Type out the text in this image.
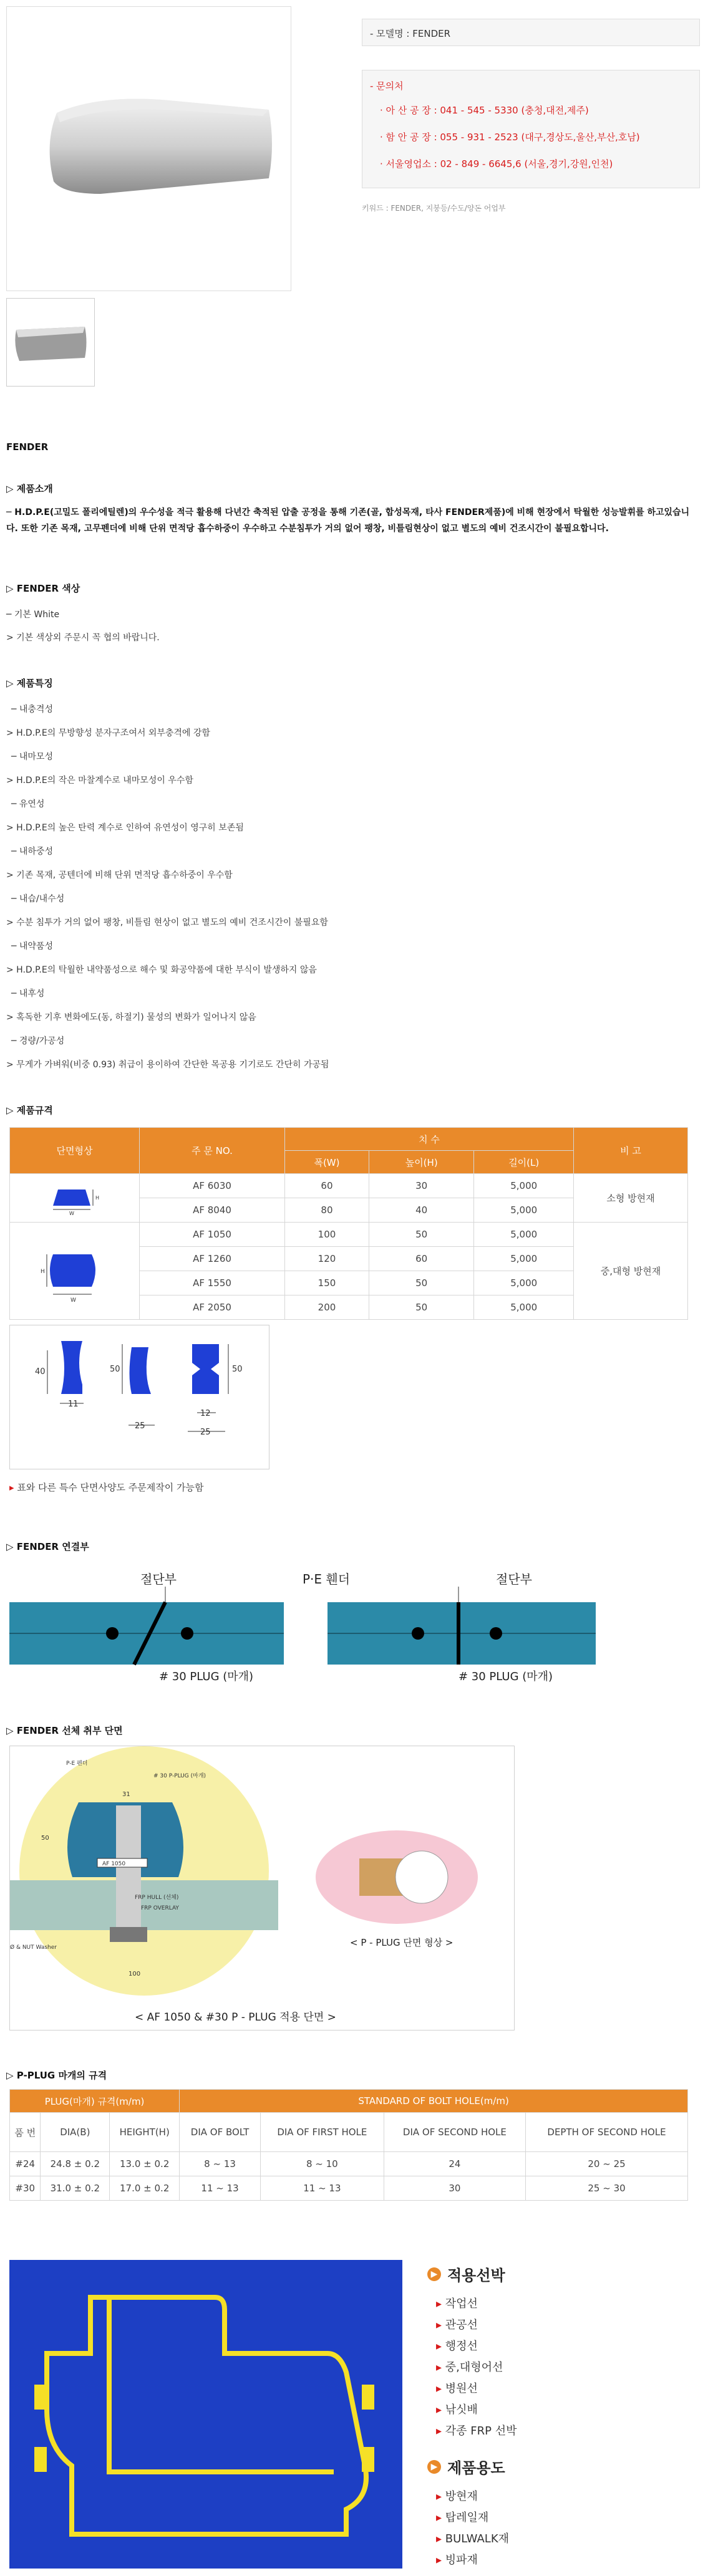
- 모델명 : FENDER
- 문의처
· 아 산 공 장 : 041 - 545 - 5330 (충청,대전,제주)
· 함 안 공 장 : 055 - 931 - 2523 (대구,경상도,울산,부산,호남)
· 서울영업소 : 02 - 849 - 6645,6 (서울,경기,강원,인천)
키워드 : FENDER, 지붕등/수도/양돈 어업부
FENDER
▷ 제품소개
─ H.D.P.E(고밀도 폴리에틸렌)의 우수성을 적극 활용해 다년간 축적된 압출 공정을 통해 기존(골, 합성목재, 타사 FENDER제품)에 비해 현장에서 탁월한 성능발휘를 하고있습니다. 또한 기존 목재, 고무펜더에 비해 단위 면적당 흡수하중이 우수하고 수분침투가 거의 없어 팽창, 비틀림현상이 없고 별도의 예비 건조시간이 불필요합니다.
▷ FENDER 색상
─ 기본 White
> 기본 색상외 주문시 꼭 협의 바랍니다.
▷ 제품특징
─ 내충격성
> H.D.P.E의 무방향성 분자구조여서 외부충격에 강함
─ 내마모성
> H.D.P.E의 작은 마찰계수로 내마모성이 우수함
─ 유연성
> H.D.P.E의 높은 탄력 계수로 인하여 유연성이 영구히 보존됨
─ 내하중성
> 기존 목재, 공텐더에 비해 단위 면적당 흡수하중이 우수함
─ 내습/내수성
> 수분 침투가 거의 없어 팽창, 비틀림 현상이 없고 별도의 예비 건조시간이 불필요함
─ 내약품성
> H.D.P.E의 탁월한 내약품성으로 해수 및 화공약품에 대한 부식이 발생하지 않음
─ 내후성
> 혹독한 기후 변화에도(동, 하절기) 물성의 변화가 일어나지 않음
─ 경량/가공성
> 무게가 가벼워(비중 0.93) 취급이 용이하여 간단한 목공용 기기로도 간단히 가공됨
▷ 제품규격
단면형상	주 문 NO.	치 수			비 고
		폭(W)	높이(H)	길이(L)	

H
W	AF 6030	60	30	5,000	소형 방현재
	AF 8040	80	40	5,000	

H
W	AF 1050	100	50	5,000	중,대형 방현재
	AF 1260	120	60	5,000	
	AF 1550	150	50	5,000	
	AF 2050	200	50	5,000	
40	50	50
11
25
12
25
▸ 표와 다른 특수 단면사양도 주문제작이 가능함
▷ FENDER 연결부
절단부	절단부
P·E 휀더
# 30 PLUG (마개)	# 30 PLUG (마개)
▷ FENDER 선체 취부 단면
AF 1050
P-E 펜더
# 30 P-PLUG (마개)
FRP HULL (선체)
FRP OVERLAY
Ø & NUT Washer
100
50
31
< P - PLUG 단면 형상 >
< AF 1050 & #30 P - PLUG 적용 단면 >
▷ P-PLUG 마개의 규격
PLUG(마개) 규격(m/m)			STANDARD OF BOLT HOLE(m/m)			
품 번	DIA(B)	HEIGHT(H)	DIA OF BOLT	DIA OF FIRST HOLE	DIA OF SECOND HOLE	DEPTH OF SECOND HOLE
#24	24.8 ± 0.2	13.0 ± 0.2	8 ~ 13	8 ~ 10	24	20 ~ 25
#30	31.0 ± 0.2	17.0 ± 0.2	11 ~ 13	11 ~ 13	30	25 ~ 30
▶ 적용선박
▸ 작업선
▸ 관공선
▸ 행정선
▸ 중,대형어선
▸ 병원선
▸ 낚싯배
▸ 각종 FRP 선박
▶ 제품용도
▸ 방현재
▸ 탑레일재
▸ BULWALK재
▸ 빙파재
